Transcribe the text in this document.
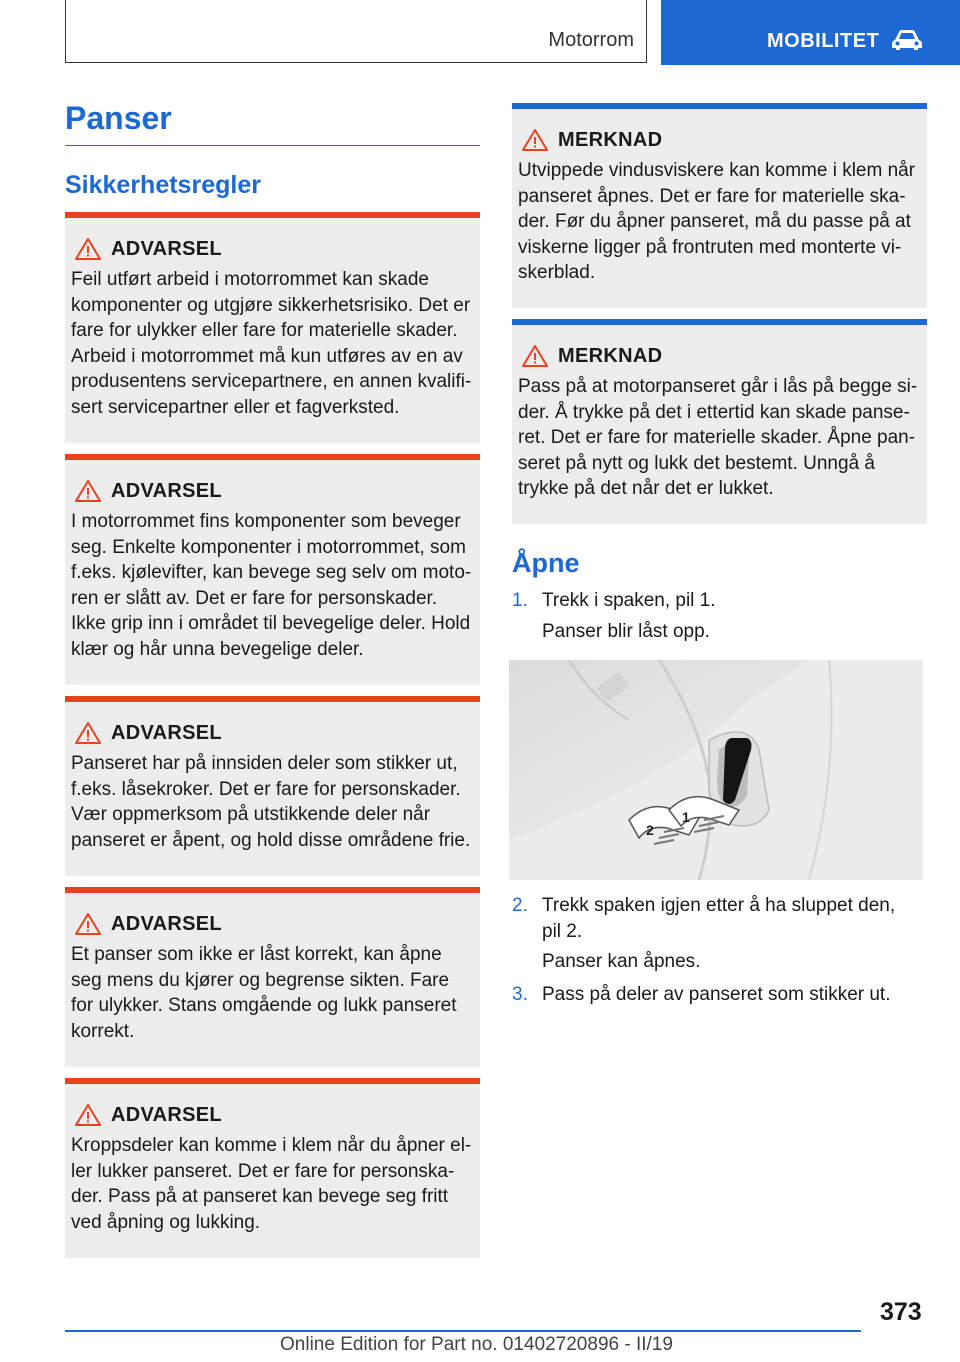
Motorrom	MOBILITET
Panser
Sikkerhetsregler
ADVARSEL
Feil utført arbeid i motorrommet kan skade
komponenter og utgjøre sikkerhetsrisiko. Det er
fare for ulykker eller fare for materielle skader.
Arbeid i motorrommet må kun utføres av en av
produsentens servicepartnere, en annen kvalifi-
sert servicepartner eller et fagverksted.
ADVARSEL
I motorrommet fins komponenter som beveger
seg. Enkelte komponenter i motorrommet, som
f.eks. kjølevifter, kan bevege seg selv om moto-
ren er slått av. Det er fare for personskader.
Ikke grip inn i området til bevegelige deler. Hold
klær og hår unna bevegelige deler.
ADVARSEL
Panseret har på innsiden deler som stikker ut,
f.eks. låsekroker. Det er fare for personskader.
Vær oppmerksom på utstikkende deler når
panseret er åpent, og hold disse områdene frie.
ADVARSEL
Et panser som ikke er låst korrekt, kan åpne
seg mens du kjører og begrense sikten. Fare
for ulykker. Stans omgående og lukk panseret
korrekt.
ADVARSEL
Kroppsdeler kan komme i klem når du åpner el-
ler lukker panseret. Det er fare for personska-
der. Pass på at panseret kan bevege seg fritt
ved åpning og lukking.
MERKNAD
Utvippede vindusviskere kan komme i klem når
panseret åpnes. Det er fare for materielle ska-
der. Før du åpner panseret, må du passe på at
viskerne ligger på frontruten med monterte vi-
skerblad.
MERKNAD
Pass på at motorpanseret går i lås på begge si-
der. Å trykke på det i ettertid kan skade panse-
ret. Det er fare for materielle skader. Åpne pan-
seret på nytt og lukk det bestemt. Unngå å
trykke på det når det er lukket.
Åpne
1. Trekk i spaken, pil 1.
Panser blir låst opp.
2
1
2. Trekk spaken igjen etter å ha sluppet den,
pil 2.
Panser kan åpnes.
3. Pass på deler av panseret som stikker ut.
373
Online Edition for Part no. 01402720896 - II/19
